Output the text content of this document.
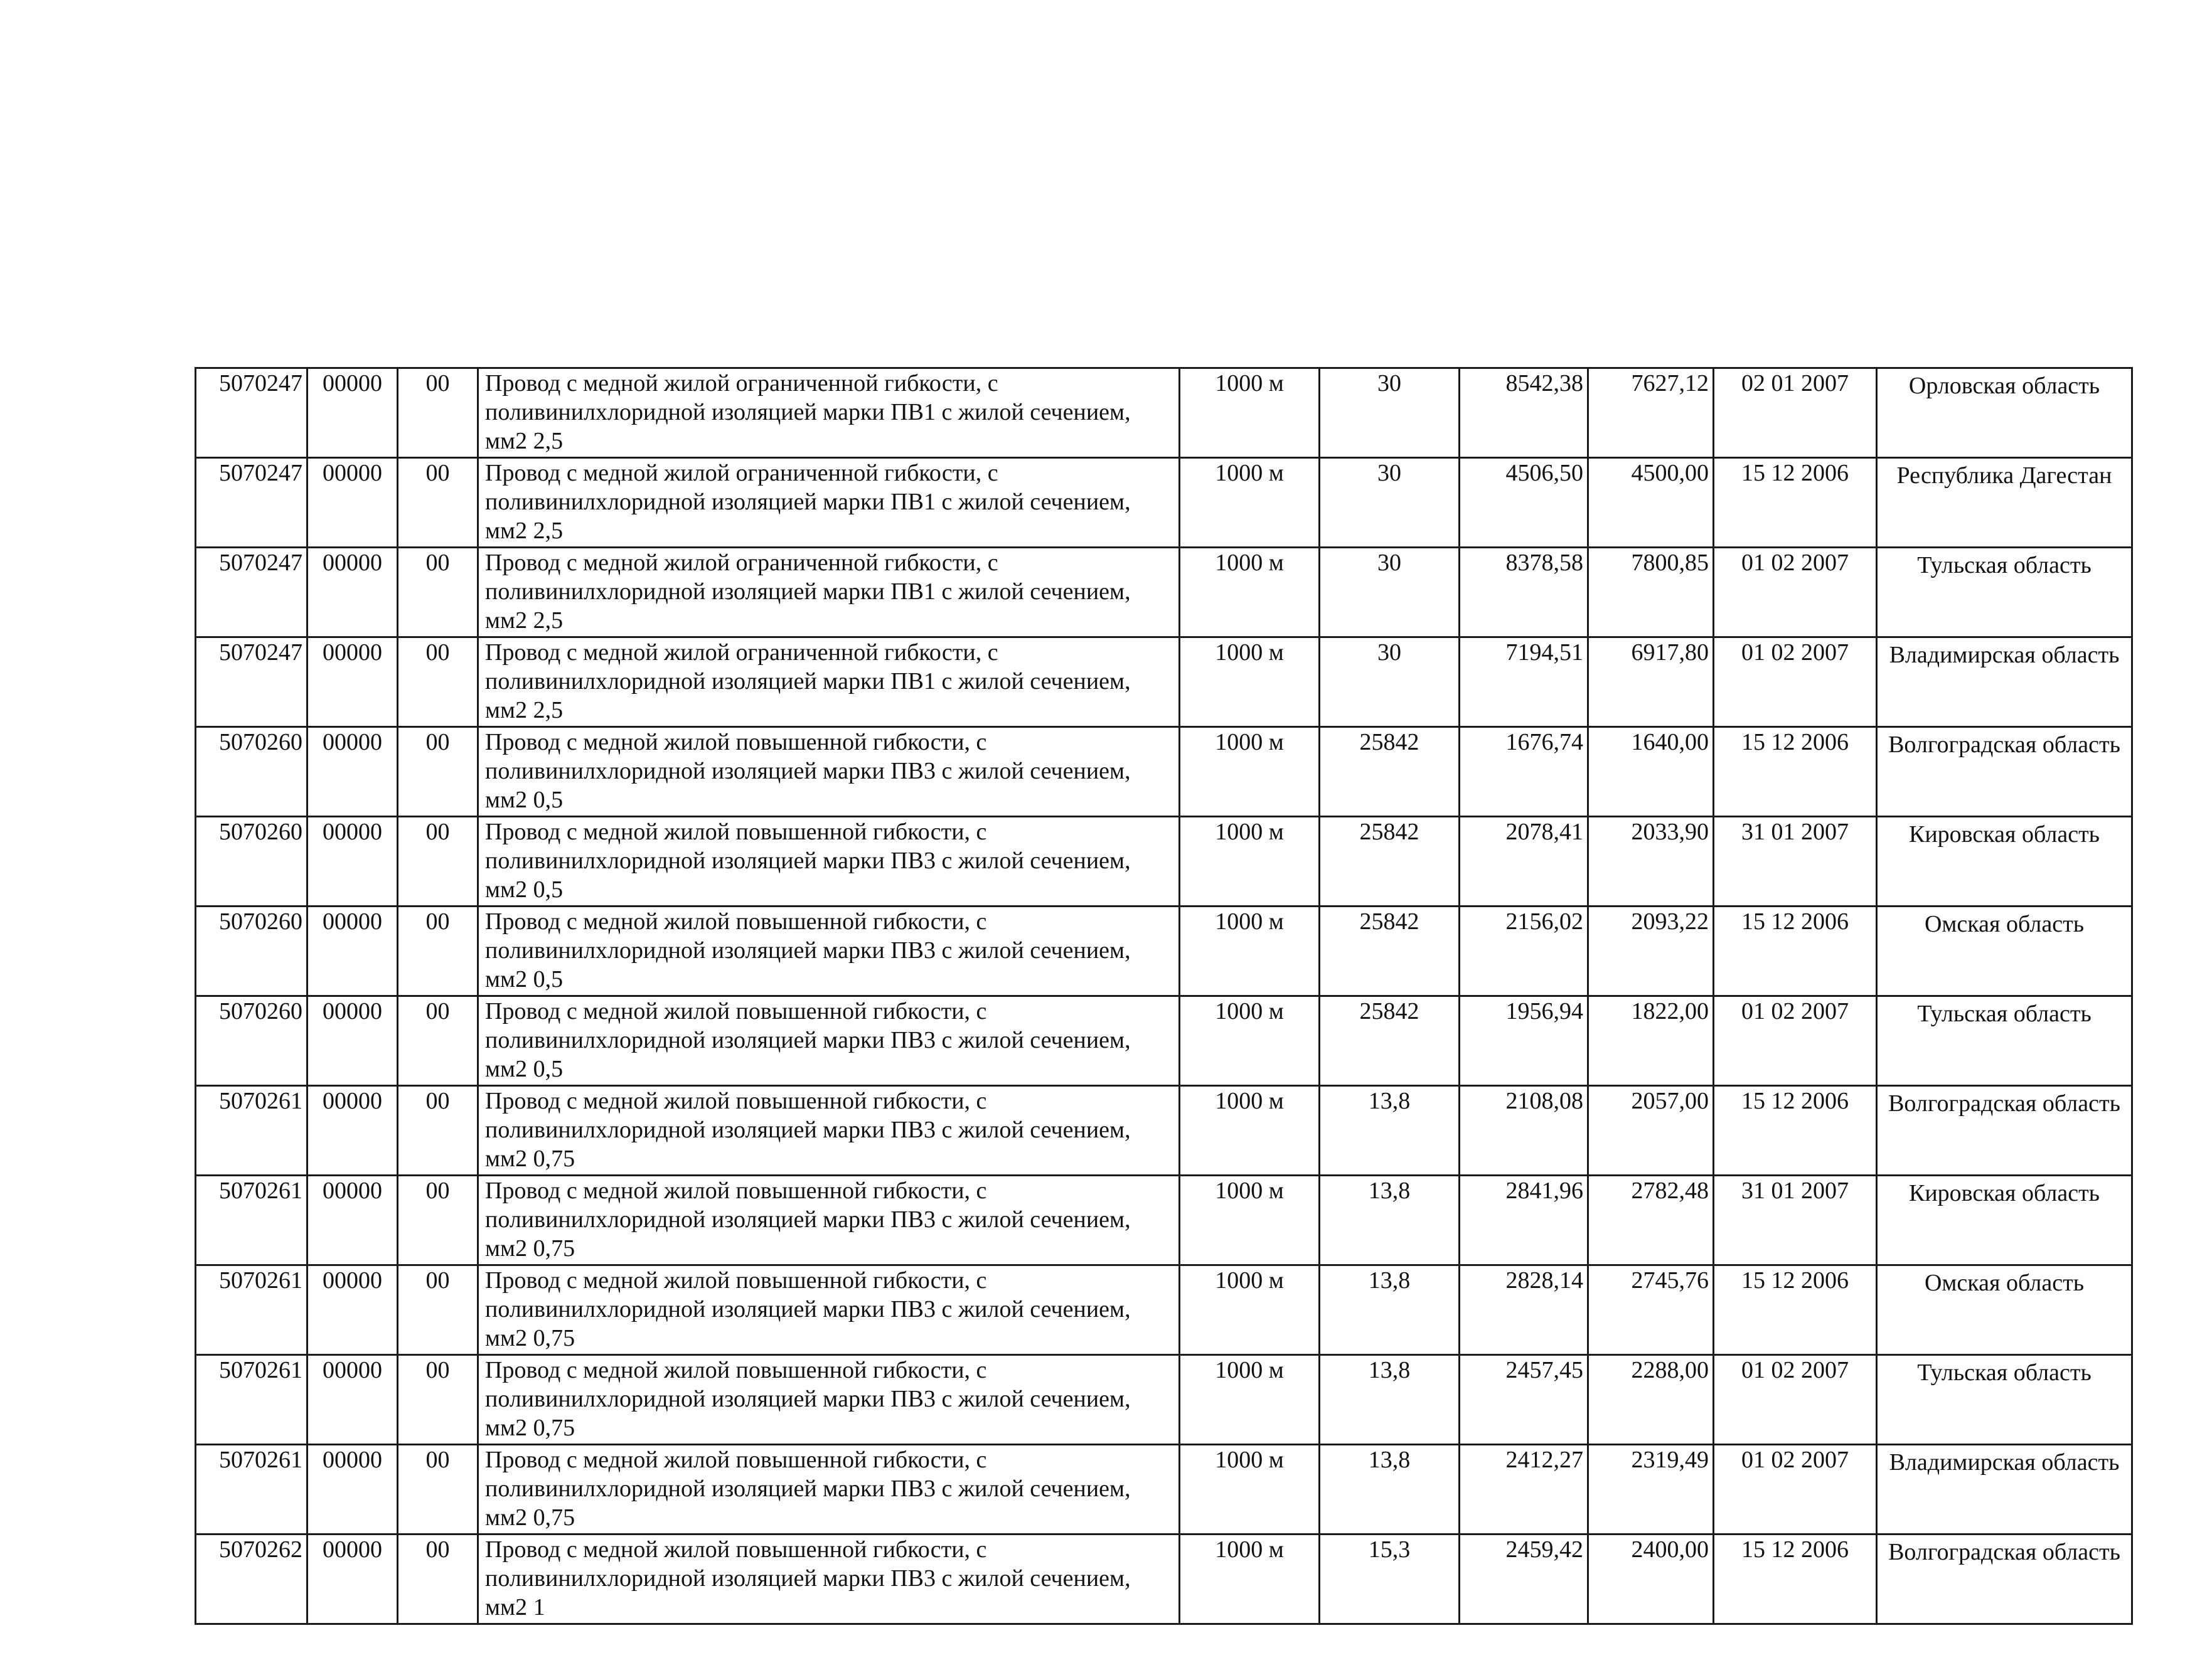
5070247	00000	00	Провод с медной жилой ограниченной гибкости, с поливинилхлоридной изоляцией марки ПВ1 с жилой сечением, мм2 2,5	1000 м	30	8542,38	7627,12	02 01 2007	Орловская область
5070247	00000	00	Провод с медной жилой ограниченной гибкости, с поливинилхлоридной изоляцией марки ПВ1 с жилой сечением, мм2 2,5	1000 м	30	4506,50	4500,00	15 12 2006	Республика Дагестан
5070247	00000	00	Провод с медной жилой ограниченной гибкости, с поливинилхлоридной изоляцией марки ПВ1 с жилой сечением, мм2 2,5	1000 м	30	8378,58	7800,85	01 02 2007	Тульская область
5070247	00000	00	Провод с медной жилой ограниченной гибкости, с поливинилхлоридной изоляцией марки ПВ1 с жилой сечением, мм2 2,5	1000 м	30	7194,51	6917,80	01 02 2007	Владимирская область
5070260	00000	00	Провод с медной жилой повышенной гибкости, с поливинилхлоридной изоляцией марки ПВ3 с жилой сечением, мм2 0,5	1000 м	25842	1676,74	1640,00	15 12 2006	Волгоградская область
5070260	00000	00	Провод с медной жилой повышенной гибкости, с поливинилхлоридной изоляцией марки ПВ3 с жилой сечением, мм2 0,5	1000 м	25842	2078,41	2033,90	31 01 2007	Кировская область
5070260	00000	00	Провод с медной жилой повышенной гибкости, с поливинилхлоридной изоляцией марки ПВ3 с жилой сечением, мм2 0,5	1000 м	25842	2156,02	2093,22	15 12 2006	Омская область
5070260	00000	00	Провод с медной жилой повышенной гибкости, с поливинилхлоридной изоляцией марки ПВ3 с жилой сечением, мм2 0,5	1000 м	25842	1956,94	1822,00	01 02 2007	Тульская область
5070261	00000	00	Провод с медной жилой повышенной гибкости, с поливинилхлоридной изоляцией марки ПВ3 с жилой сечением, мм2 0,75	1000 м	13,8	2108,08	2057,00	15 12 2006	Волгоградская область
5070261	00000	00	Провод с медной жилой повышенной гибкости, с поливинилхлоридной изоляцией марки ПВ3 с жилой сечением, мм2 0,75	1000 м	13,8	2841,96	2782,48	31 01 2007	Кировская область
5070261	00000	00	Провод с медной жилой повышенной гибкости, с поливинилхлоридной изоляцией марки ПВ3 с жилой сечением, мм2 0,75	1000 м	13,8	2828,14	2745,76	15 12 2006	Омская область
5070261	00000	00	Провод с медной жилой повышенной гибкости, с поливинилхлоридной изоляцией марки ПВ3 с жилой сечением, мм2 0,75	1000 м	13,8	2457,45	2288,00	01 02 2007	Тульская область
5070261	00000	00	Провод с медной жилой повышенной гибкости, с поливинилхлоридной изоляцией марки ПВ3 с жилой сечением, мм2 0,75	1000 м	13,8	2412,27	2319,49	01 02 2007	Владимирская область
5070262	00000	00	Провод с медной жилой повышенной гибкости, с поливинилхлоридной изоляцией марки ПВ3 с жилой сечением, мм2 1	1000 м	15,3	2459,42	2400,00	15 12 2006	Волгоградская область
